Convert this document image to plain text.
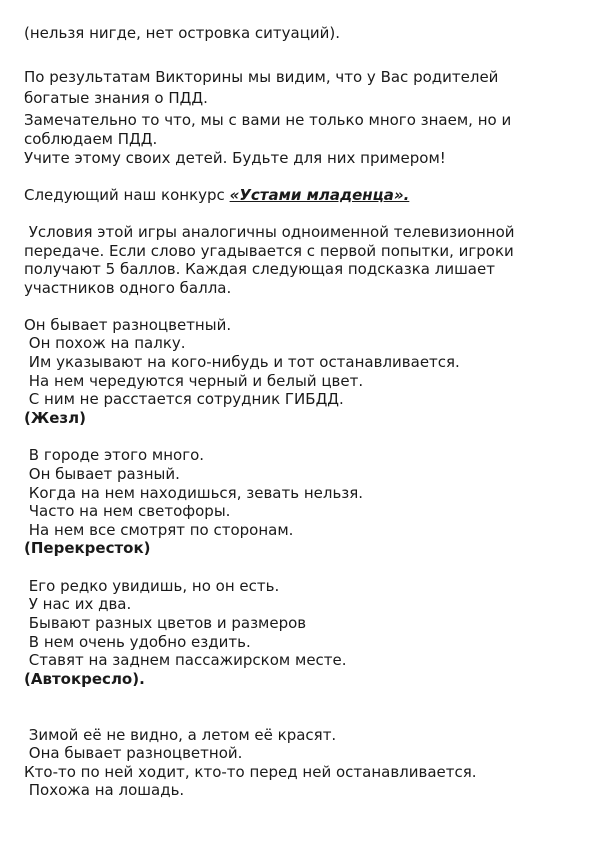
(нельзя нигде, нет островка ситуаций).
По результатам Викторины мы видим, что у Вас родителей
богатые знания о ПДД.
Замечательно то что, мы с вами не только много знаем, но и
соблюдаем ПДД.
Учите этому своих детей. Будьте для них примером!
Следующий наш конкурс «Устами младенца».
Условия этой игры аналогичны одноименной телевизионной
передаче. Если слово угадывается с первой попытки, игроки
получают 5 баллов. Каждая следующая подсказка лишает
участников одного балла.
Он бывает разноцветный.
Он похож на палку.
Им указывают на кого-нибудь и тот останавливается.
На нем чередуются черный и белый цвет.
С ним не расстается сотрудник ГИБДД.
(Жезл)
В городе этого много.
Он бывает разный.
Когда на нем находишься, зевать нельзя.
Часто на нем светофоры.
На нем все смотрят по сторонам.
(Перекресток)
Его редко увидишь, но он есть.
У нас их два.
Бывают разных цветов и размеров
В нем очень удобно ездить.
Ставят на заднем пассажирском месте.
(Автокресло).
Зимой её не видно, а летом её красят.
Она бывает разноцветной.
Кто-то по ней ходит, кто-то перед ней останавливается.
Похожа на лошадь.
